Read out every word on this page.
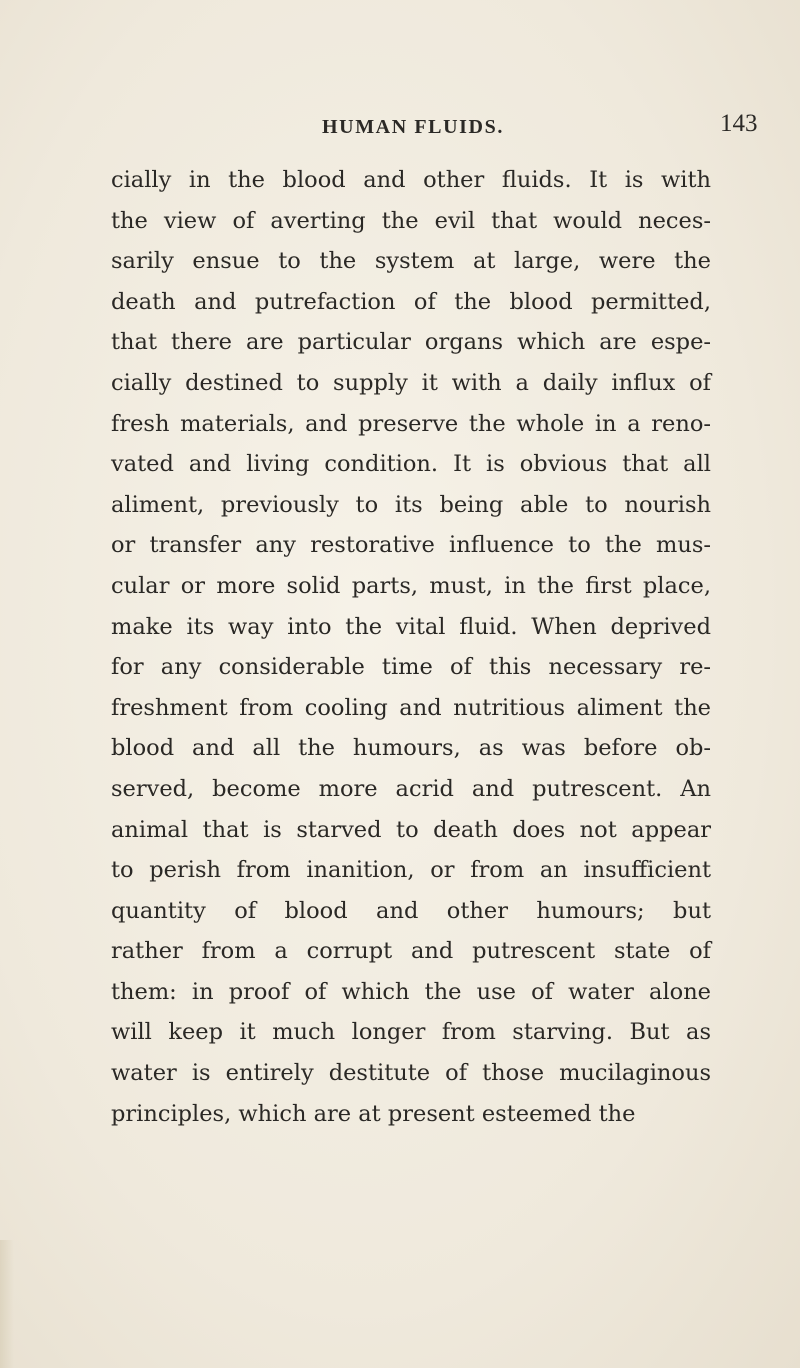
HUMAN FLUIDS.	143
cially in the blood and other fluids. It is with
the view of averting the evil that would neces-
sarily ensue to the system at large, were the
death and putrefaction of the blood permitted,
that there are particular organs which are espe-
cially destined to supply it with a daily influx of
fresh materials, and preserve the whole in a reno-
vated and living condition. It is obvious that all
aliment, previously to its being able to nourish
or transfer any restorative influence to the mus-
cular or more solid parts, must, in the first place,
make its way into the vital fluid. When deprived
for any considerable time of this necessary re-
freshment from cooling and nutritious aliment the
blood and all the humours, as was before ob-
served, become more acrid and putrescent. An
animal that is starved to death does not appear
to perish from inanition, or from an insufficient
quantity of blood and other humours; but
rather from a corrupt and putrescent state of
them: in proof of which the use of water alone
will keep it much longer from starving. But as
water is entirely destitute of those mucilaginous
principles, which are at present esteemed the
